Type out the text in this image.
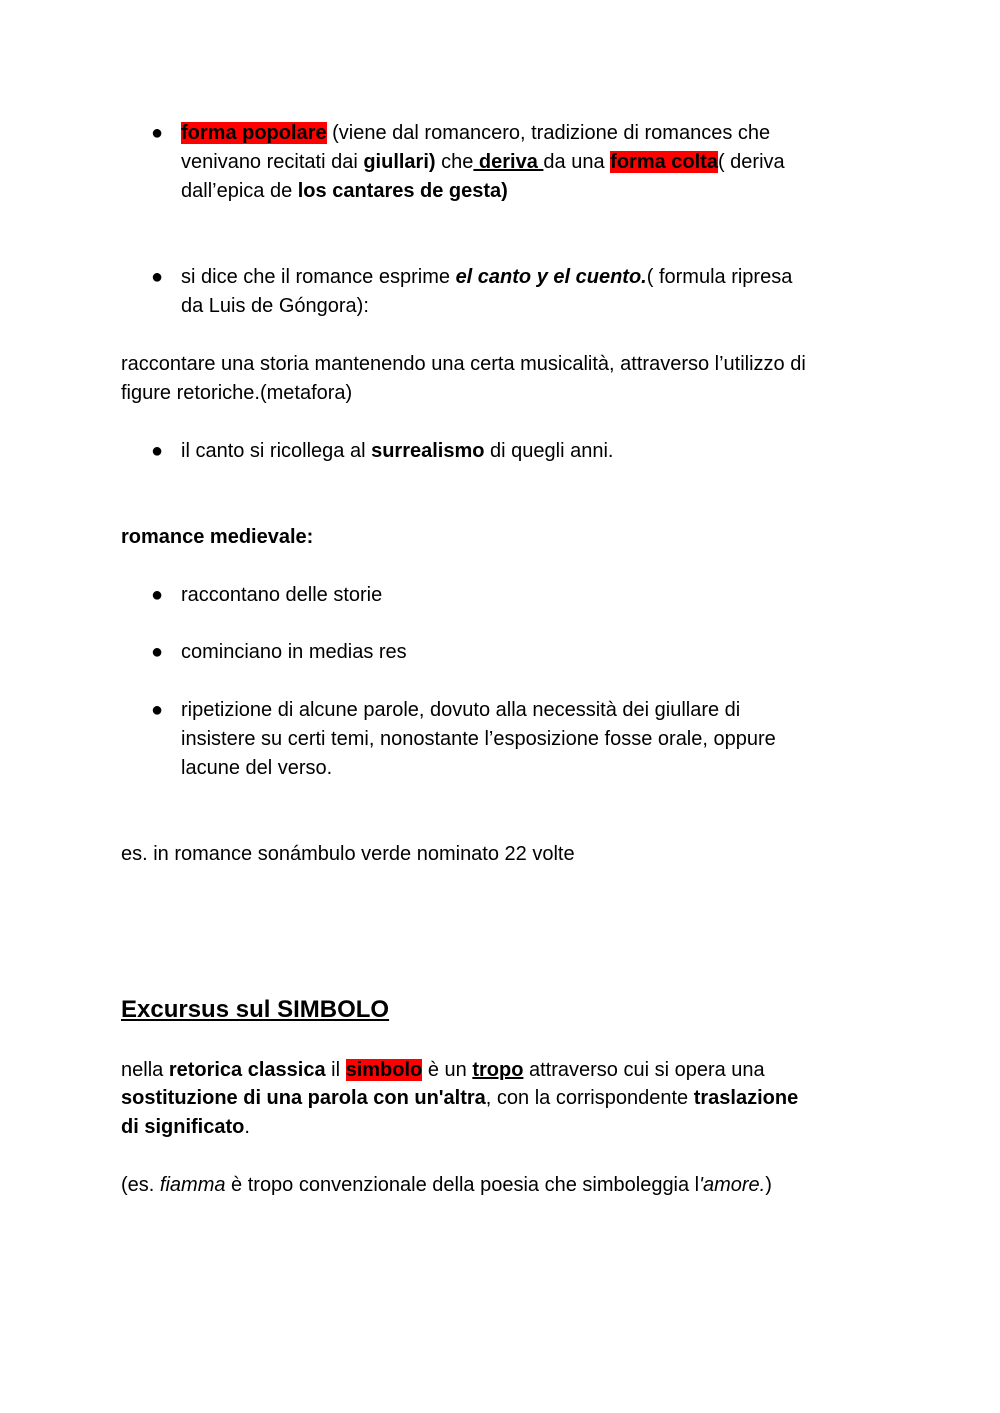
● forma popolare (viene dal romancero, tradizione di romances che
venivano recitati dai giullari) che deriva da una forma colta( deriva
dall’epica de los cantares de gesta)
● si dice che il romance esprime el canto y el cuento.( formula ripresa
da Luis de Góngora):
raccontare una storia mantenendo una certa musicalità, attraverso l’utilizzo di
figure retoriche.(metafora)
● il canto si ricollega al surrealismo di quegli anni.
romance medievale:
● raccontano delle storie
● cominciano in medias res
● ripetizione di alcune parole, dovuto alla necessità dei giullare di
insistere su certi temi, nonostante l’esposizione fosse orale, oppure
lacune del verso.
es. in romance sonámbulo verde nominato 22 volte
Excursus sul SIMBOLO
nella retorica classica il simbolo è un tropo attraverso cui si opera una
sostituzione di una parola con un'altra, con la corrispondente traslazione
di significato.
(es. fiamma è tropo convenzionale della poesia che simboleggia l'amore.)
